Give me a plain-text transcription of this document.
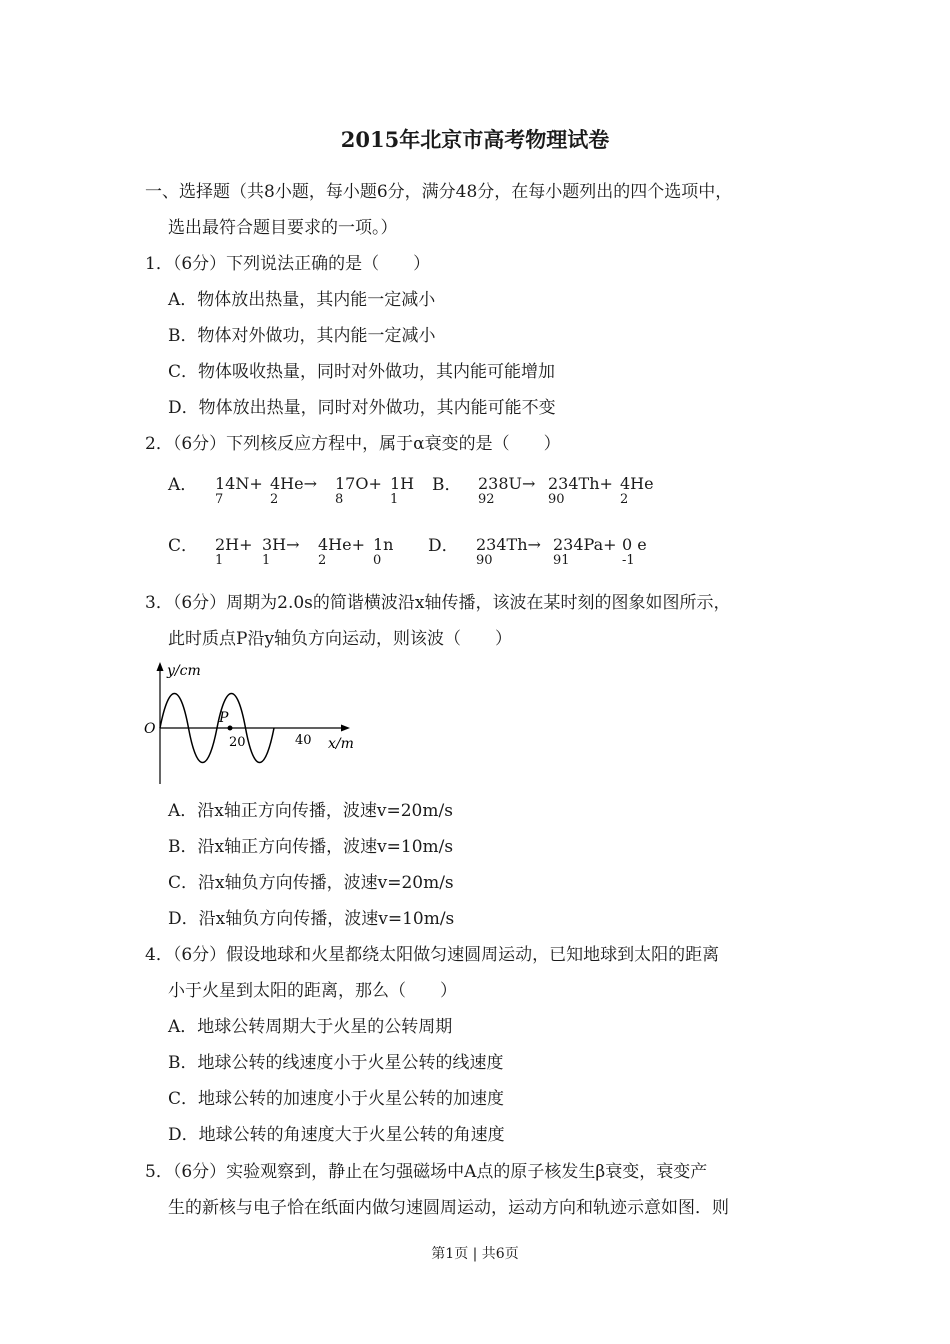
2015年北京市高考物理试卷
一、选择题（共8小题，每小题6分，满分48分，在每小题列出的四个选项中，
选出最符合题目要求的一项。）
1．（6分）下列说法正确的是（　　）
A．物体放出热量，其内能一定减小
B．物体对外做功，其内能一定减小
C．物体吸收热量，同时对外做功，其内能可能增加
D．物体放出热量，同时对外做功，其内能可能不变
2．（6分）下列核反应方程中，属于α衰变的是（　　）
A． 14N+
7
4He→
2
17O+
8
1H
1
B． 238U→
92
234Th+
90
4He
2
C． 2H+
1
3H→
1
4He+
2
1n
0
D． 234Th→
90
234Pa+
91
0 e
-1
3．（6分）周期为2.0s的简谐横波沿x轴传播，该波在某时刻的图象如图所示，
此时质点P沿y轴负方向运动，则该波（　　）
y/cm
x/m
O
P
20	40
A．沿x轴正方向传播，波速v=20m/s
B．沿x轴正方向传播，波速v=10m/s
C．沿x轴负方向传播，波速v=20m/s
D．沿x轴负方向传播，波速v=10m/s
4．（6分）假设地球和火星都绕太阳做匀速圆周运动，已知地球到太阳的距离
小于火星到太阳的距离，那么（　　）
A．地球公转周期大于火星的公转周期
B．地球公转的线速度小于火星公转的线速度
C．地球公转的加速度小于火星公转的加速度
D．地球公转的角速度大于火星公转的角速度
5．（6分）实验观察到，静止在匀强磁场中A点的原子核发生β衰变，衰变产
生的新核与电子恰在纸面内做匀速圆周运动，运动方向和轨迹示意如图．则
第1页 | 共6页
